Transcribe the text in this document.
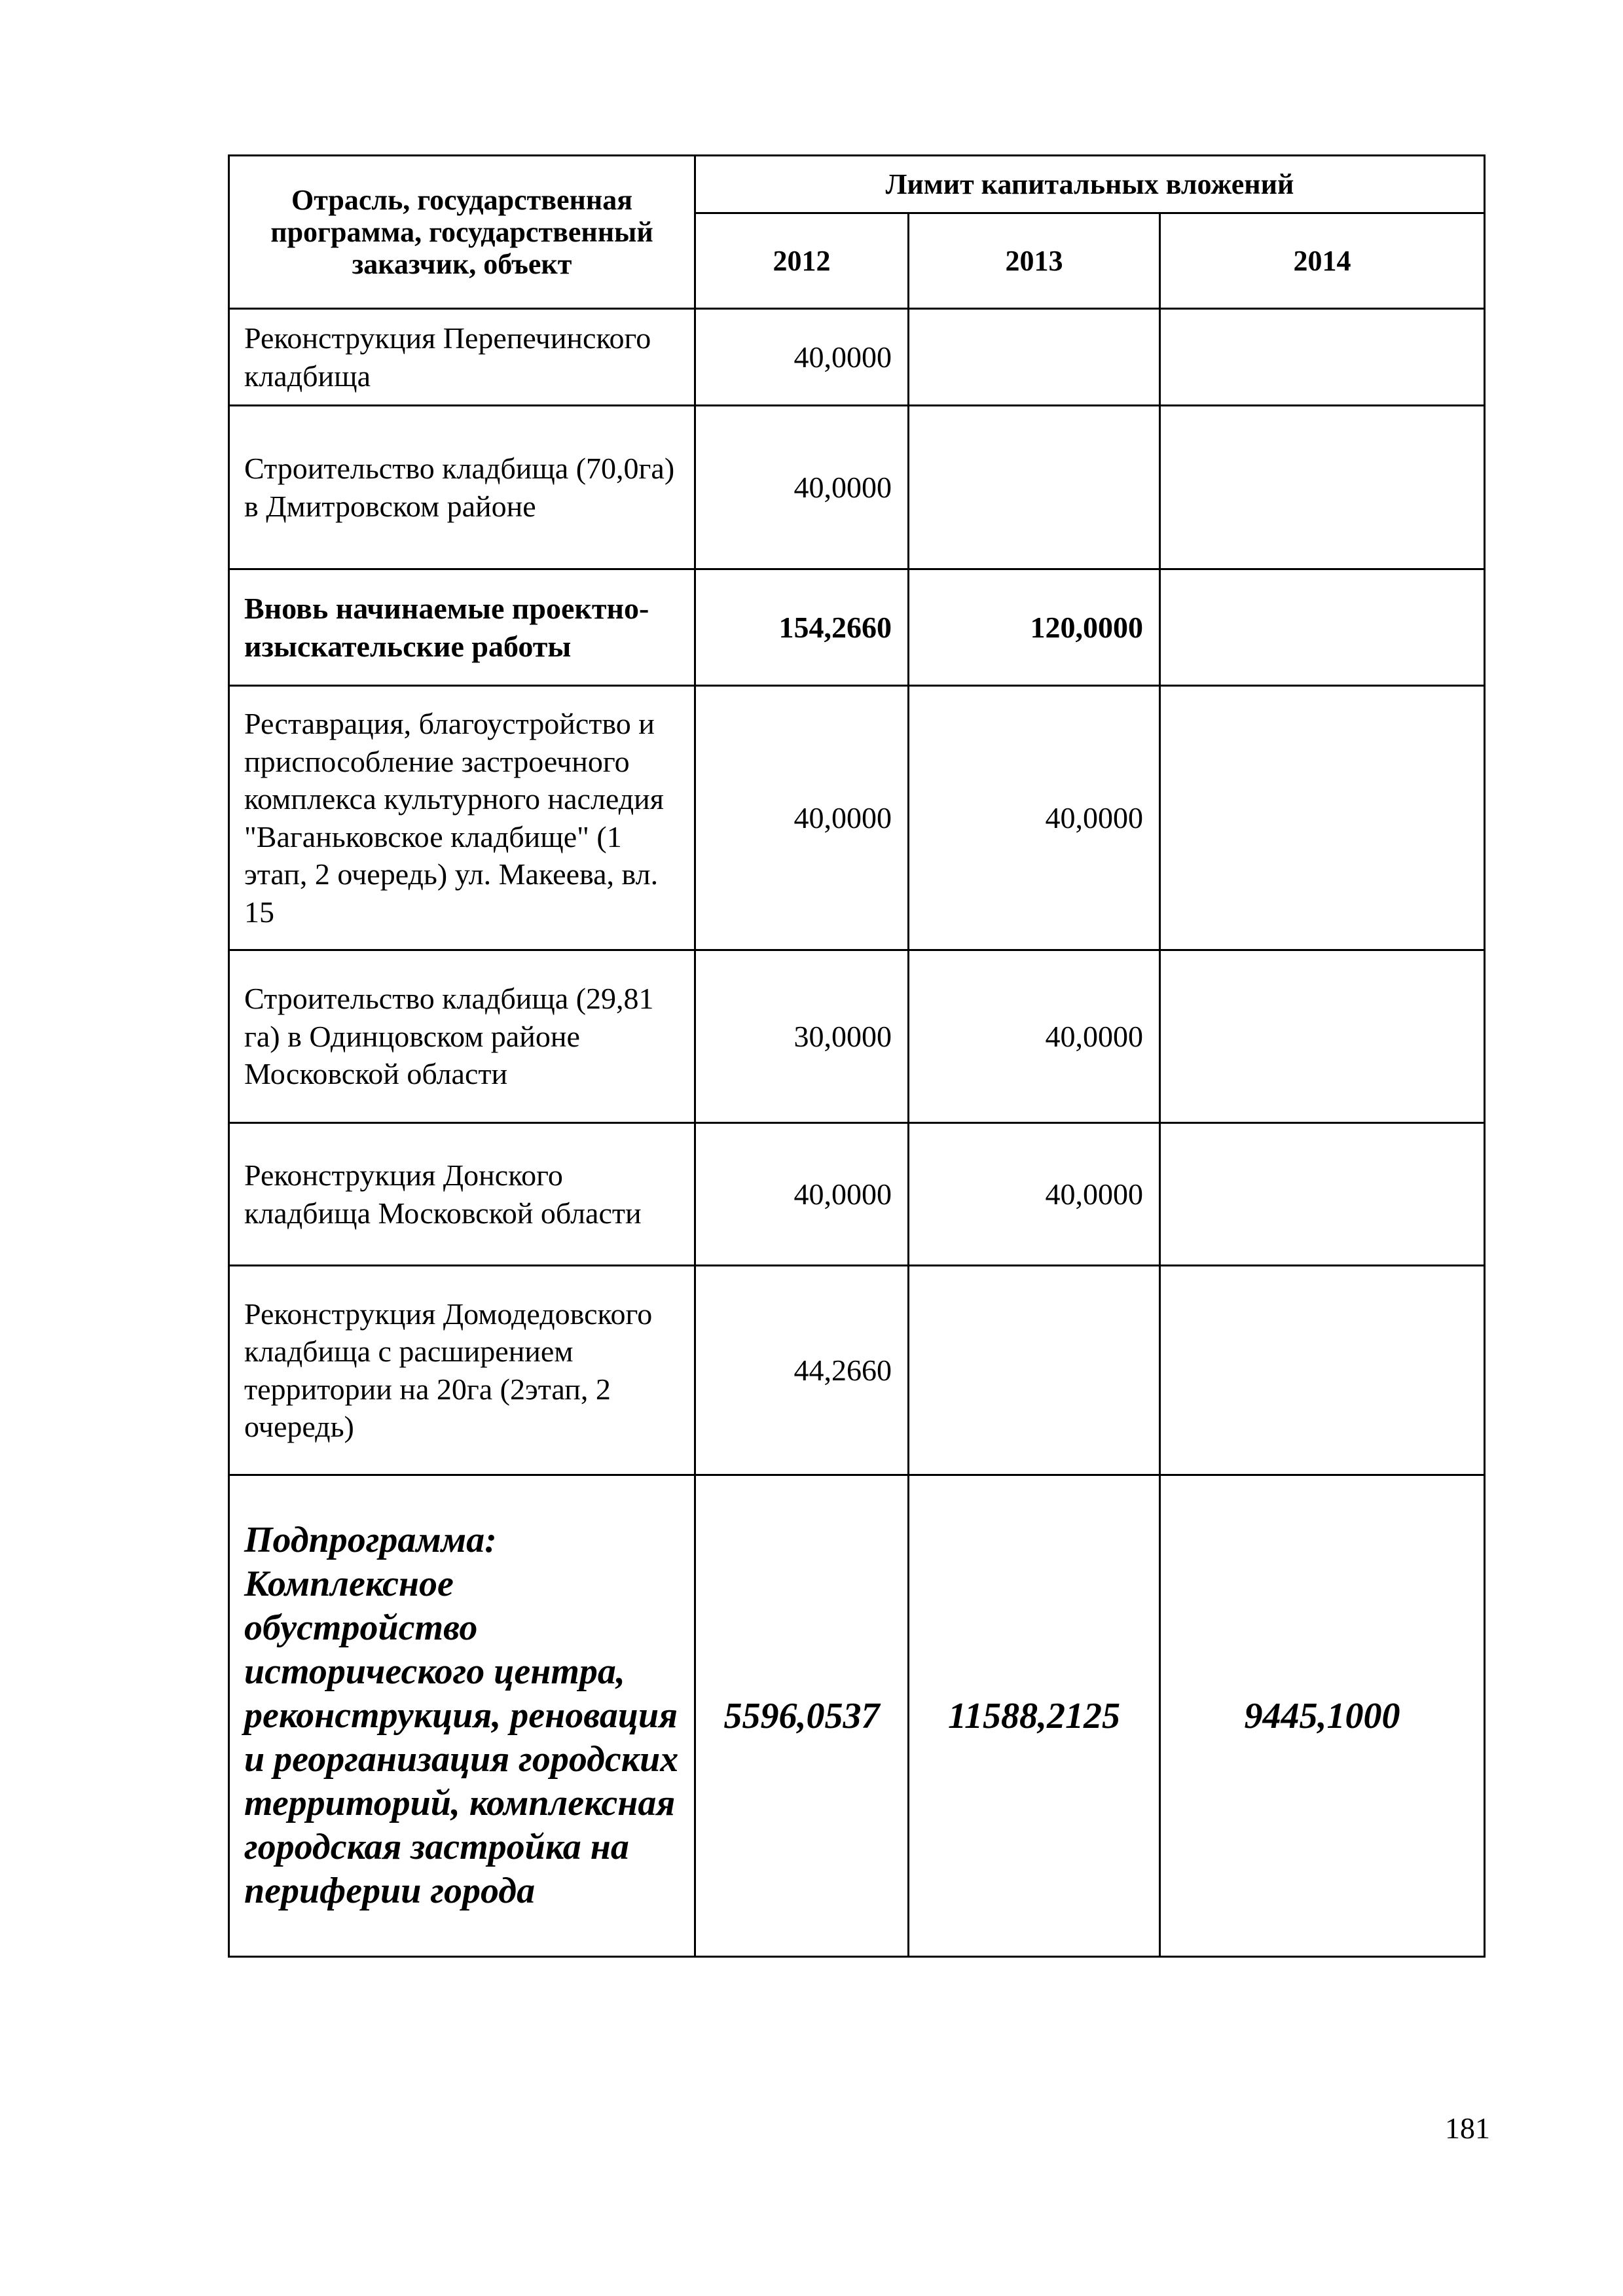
Отрасль, государственная программа, государственный заказчик, объект	Лимит капитальных вложений		
	2012	2013	2014
Реконструкция Перепечинского кладбища	40,0000		
Строительство кладбища (70,0га) в Дмитровском районе	40,0000		
Вновь начинаемые проектно-изыскательские работы	154,2660	120,0000	
Реставрация, благоустройство и приспособление застроечного комплекса культурного наследия "Ваганьковское кладбище" (1 этап, 2 очередь) ул. Макеева, вл. 15	40,0000	40,0000	
Строительство кладбища (29,81 га) в Одинцовском районе Московской области	30,0000	40,0000	
Реконструкция Донского кладбища Московской области	40,0000	40,0000	
Реконструкция Домодедовского кладбища с расширением территории на 20га (2этап, 2 очередь)	44,2660		
Подпрограмма: Комплексное обустройство исторического центра, реконструкция, реновация и реорганизация городских территорий, комплексная городская застройка на периферии города	5596,0537	11588,2125	9445,1000
181
